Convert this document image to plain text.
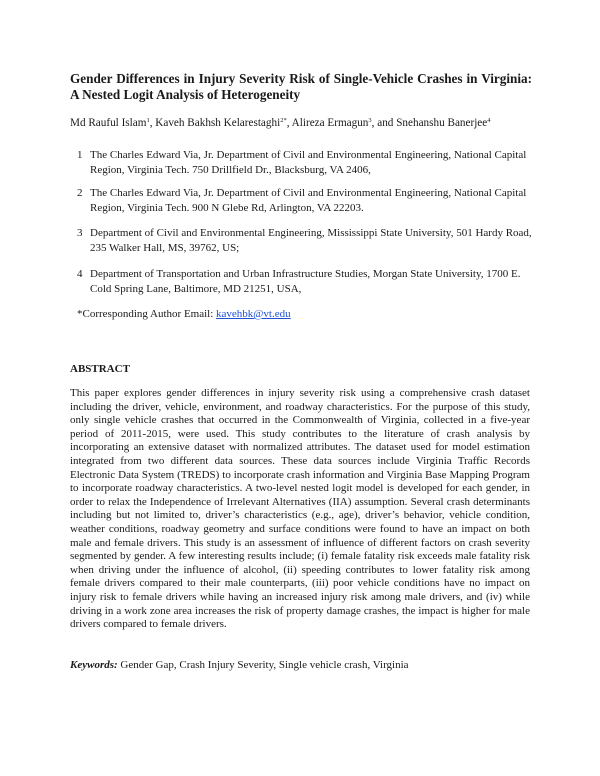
Gender Differences in Injury Severity Risk of Single-Vehicle Crashes in Virginia: A Nested Logit Analysis of Heterogeneity
Md Rauful Islam$^1$, Kaveh Bakhsh Kelarestaghi$^{2*}$, Alireza Ermagun$^3$, and Snehanshu Banerjee$^4$
1 The Charles Edward Via, Jr. Department of Civil and Environmental Engineering, National Capital Region, Virginia Tech. 750 Drillfield Dr., Blacksburg, VA 2406,
2 The Charles Edward Via, Jr. Department of Civil and Environmental Engineering, National Capital Region, Virginia Tech. 900 N Glebe Rd, Arlington, VA 22203.
3 Department of Civil and Environmental Engineering, Mississippi State University, 501 Hardy Road, 235 Walker Hall, MS, 39762, US;
4 Department of Transportation and Urban Infrastructure Studies, Morgan State University, 1700 E. Cold Spring Lane, Baltimore, MD 21251, USA,
*Corresponding Author Email: kavehbk@vt.edu
ABSTRACT
This paper explores gender differences in injury severity risk using a comprehensive crash dataset including the driver, vehicle, environment, and roadway characteristics. For the purpose of this study, only single vehicle crashes that occurred in the Commonwealth of Virginia, collected in a five-year period of 2011-2015, were used. This study contributes to the literature of crash analysis by incorporating an extensive dataset with normalized attributes. The dataset used for model estimation integrated from two different data sources. These data sources include Virginia Traffic Records Electronic Data System (TREDS) to incorporate crash information and Virginia Base Mapping Program to incorporate roadway characteristics. A two-level nested logit model is developed for each gender, in order to relax the Independence of Irrelevant Alternatives (IIA) assumption. Several crash determinants including but not limited to, driver’s characteristics (e.g., age), driver’s behavior, vehicle condition, weather conditions, roadway geometry and surface conditions were found to have an impact on both male and female drivers. This study is an assessment of influence of different factors on crash severity segmented by gender. A few interesting results include; (i) female fatality risk exceeds male fatality risk when driving under the influence of alcohol, (ii) speeding contributes to lower fatality risk among female drivers compared to their male counterparts, (iii) poor vehicle conditions have no impact on injury risk to female drivers while having an increased injury risk among male drivers, and (iv) while driving in a work zone area increases the risk of property damage crashes, the impact is higher for male drivers compared to female drivers.
Keywords: Gender Gap, Crash Injury Severity, Single vehicle crash, Virginia
